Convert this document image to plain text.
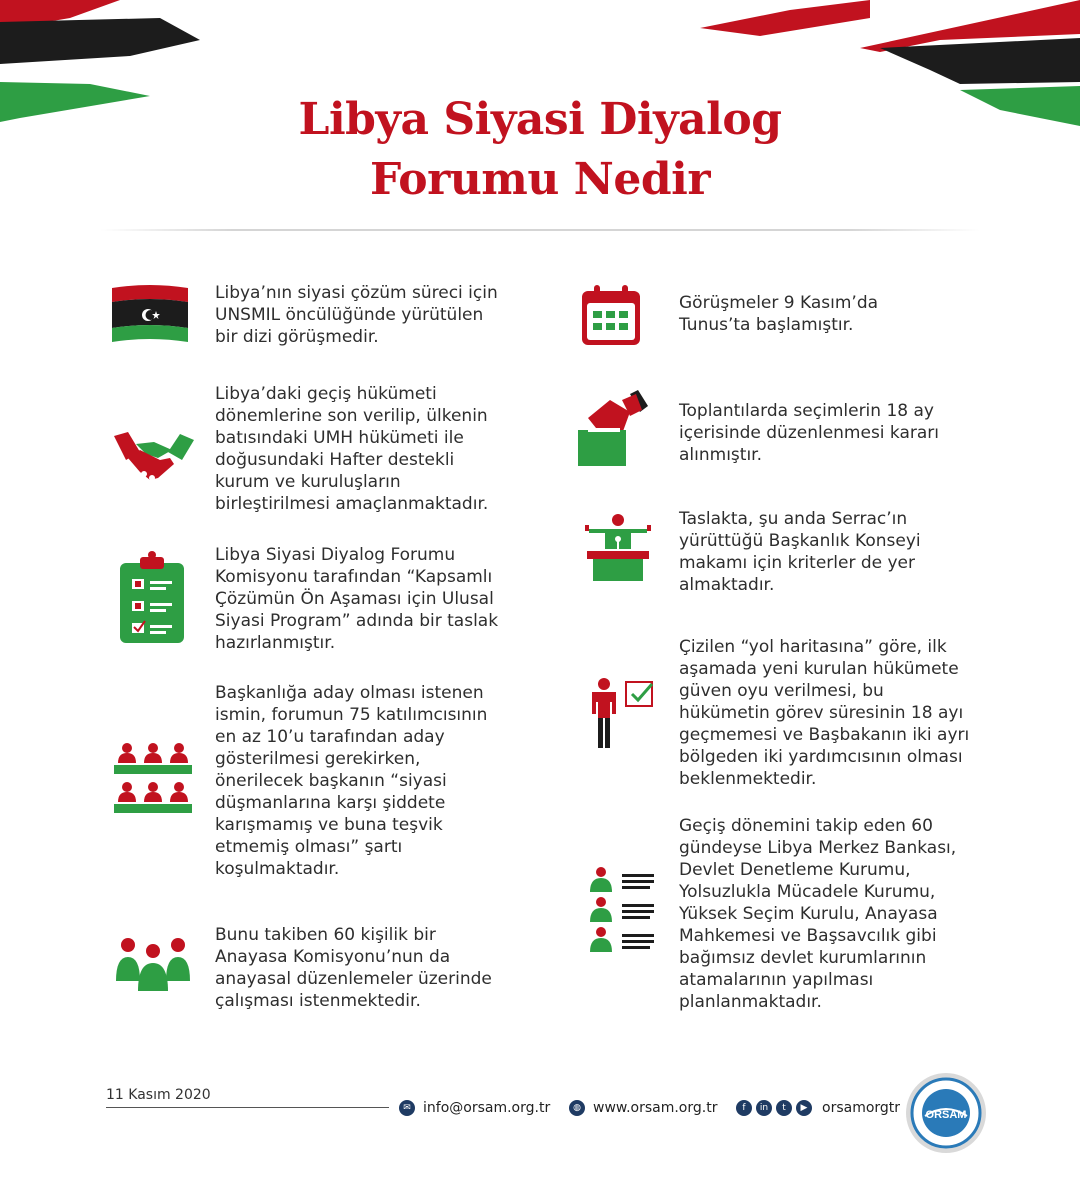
Libya Siyasi Diyalog
Forumu Nedir
Libya’nın siyasi çözüm süreci için UNSMIL öncülüğünde yürütülen bir dizi görüşmedir.
Libya’daki geçiş hükümeti dönemlerine son verilip, ülkenin batısındaki UMH hükümeti ile doğusundaki Hafter destekli kurum ve kuruluşların birleştirilmesi amaçlanmaktadır.
Libya Siyasi Diyalog Forumu Komisyonu tarafından “Kapsamlı Çözümün Ön Aşaması için Ulusal Siyasi Program” adında bir taslak hazırlanmıştır.
Başkanlığa aday olması istenen ismin, forumun 75 katılımcısının en az 10’u tarafından aday gösterilmesi gerekirken, önerilecek başkanın “siyasi düşmanlarına karşı şiddete karışmamış ve buna teşvik etmemiş olması” şartı koşulmaktadır.
Bunu takiben 60 kişilik bir Anayasa Komisyonu’nun da anayasal düzenlemeler üzerinde çalışması istenmektedir.
Görüşmeler 9 Kasım’da Tunus’ta başlamıştır.
Toplantılarda seçimlerin 18 ay içerisinde düzenlenmesi kararı alınmıştır.
Taslakta, şu anda Serrac’ın yürüttüğü Başkanlık Konseyi makamı için kriterler de yer almaktadır.
Çizilen “yol haritasına” göre, ilk aşamada yeni kurulan hükümete güven oyu verilmesi, bu hükümetin görev süresinin 18 ayı geçmemesi ve Başbakanın iki ayrı bölgeden iki yardımcısının olması beklenmektedir.
Geçiş dönemini takip eden 60 gündeyse Libya Merkez Bankası, Devlet Denetleme Kurumu, Yolsuzlukla Mücadele Kurumu, Yüksek Seçim Kurulu, Anayasa Mahkemesi ve Başsavcılık gibi bağımsız devlet kurumlarının atamalarının yapılması planlanmaktadır.
11 Kasım 2020
✉ info@orsam.org.tr	◍ www.orsam.org.tr	f	in	t	▶	orsamorgtr ORSAM
